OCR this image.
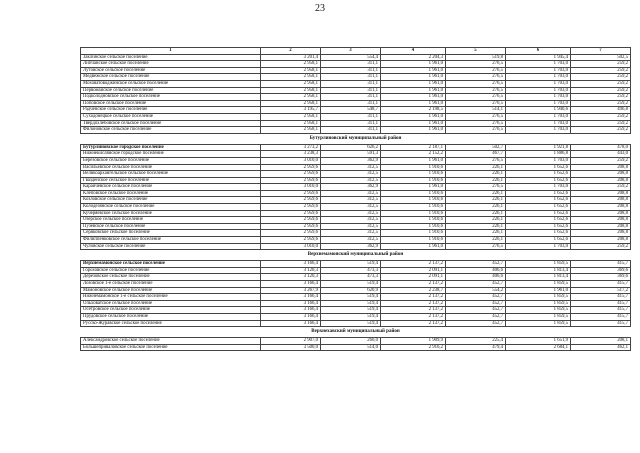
23
1	2	3	4	5	6	7
Заклинское сельское поселение	3 201,4	554,4	2 204,3	519,8	1 945,4	502,5
Липчанское сельское поселение	2 958,1	311,1	1 961,0	276,5	1 703,0	259,2
Лутовское сельское поселение	2 958,1	311,1	1 961,0	276,5	1 703,0	259,2
Медвежское сельское поселение	2 958,1	311,1	1 961,0	276,5	1 703,0	259,2
Моховатоводжинское сельское поселение	2 958,1	311,1	1 961,0	276,5	1 703,0	259,2
Первомайское сельское поселение	2 958,1	311,1	1 961,0	276,5	1 703,0	259,2
Подколодновское сельское поселение	2 958,1	311,1	1 961,0	276,5	1 703,0	259,2
Поповское сельское поселение	2 958,1	311,1	1 961,0	276,5	1 703,0	259,2
Радченское сельское поселение	3 195,7	548,7	2 198,5	514,1	1 940,6	496,8
Суходонецкое сельское поселение	2 958,1	311,1	1 961,0	276,5	1 703,0	259,2
Твердохлебовское сельское поселение	2 958,1	311,1	1 961,0	276,5	1 703,0	259,2
Филоновское сельское поселение	2 958,1	311,1	1 961,0	276,5	1 703,0	259,2
Бутурлиновский муниципальный район						
Бутурлиновское городское поселение	3 273,2	626,2	2 187,1	502,7	1 921,8	478,0
Нижнекисляйское городское поселение	3 238,3	591,3	2 152,2	467,7	1 886,8	443,0
Березовское сельское поселение	3 010,0	362,9	1 961,0	276,5	1 703,0	259,2
Васильевское сельское поселение	2 959,6	312,5	1 910,6	226,1	1 652,6	208,8
Великоархангельское сельское поселение	2 959,6	312,5	1 910,6	226,1	1 652,6	208,8
Гвазденское сельское поселение	2 959,6	312,5	1 910,6	226,1	1 652,6	208,8
Карайчевское сельское поселение	3 010,0	362,9	1 961,0	276,5	1 703,0	259,2
Клеповское сельское поселение	2 959,6	312,5	1 910,6	226,1	1 652,6	208,8
Козловское сельское поселение	2 959,6	312,5	1 910,6	226,1	1 652,6	208,8
Колодезянское сельское поселение	2 959,6	312,5	1 910,6	226,1	1 652,6	208,8
Кучеряевское сельское поселение	2 959,6	312,5	1 910,6	226,1	1 652,6	208,8
Озерское сельское поселение	2 959,6	312,5	1 910,6	226,1	1 652,6	208,8
Пузевское сельское поселение	2 959,6	312,5	1 910,6	226,1	1 652,6	208,8
Серяковское сельское поселение	2 959,6	312,5	1 910,6	226,1	1 652,6	208,8
Филиппенковское сельское поселение	2 959,6	312,5	1 910,6	226,1	1 652,6	208,8
Чуловское сельское поселение	3 010,0	362,9	1 961,0	276,5	1 703,0	259,2
Верхнемамонский муниципальный район						
Верхнемамонское сельское поселение	3 166,4	519,4	2 137,2	452,7	1 859,5	415,7
Гороховское сельское поселение	3 120,3	473,3	2 091,1	406,6	1 813,4	369,6
Дерезовское сельское поселение	3 120,3	473,3	2 091,1	406,6	1 813,4	369,6
Лозовское 1-е сельское поселение	3 166,4	519,4	2 137,2	452,7	1 859,5	415,7
Мамоновское сельское поселение	3 267,9	620,9	2 238,7	554,2	1 961,0	517,2
Нижнемамонское 1-е сельское поселение	3 166,4	519,4	2 137,2	452,7	1 859,5	415,7
Ольховатское сельское поселение	3 166,4	519,4	2 137,2	452,7	1 859,5	415,7
Осетровское сельское поселение	3 166,4	519,4	2 137,2	452,7	1 859,5	415,7
Прудовское сельское поселение	3 166,4	519,4	2 137,2	452,7	1 859,5	415,7
Русско-Журавское сельское поселение	3 166,4	519,4	2 137,2	452,7	1 859,5	415,7
Верхнехавский муниципальный район						
Александровское сельское поселение	2 907,0	260,0	1 909,9	225,4	1 651,9	208,1
Большеприваловское сельское поселение	3 500,0	514,0	2 916,2	479,4	2 684,1	462,1
